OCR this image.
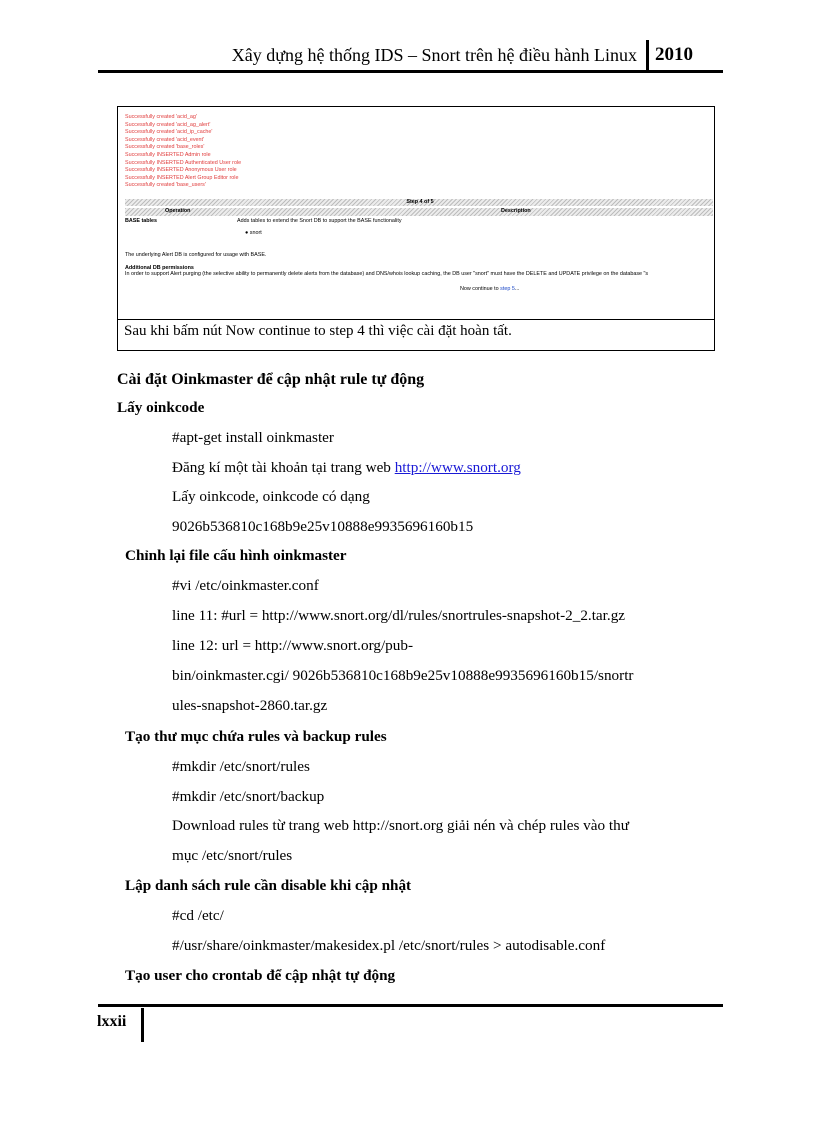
Xây dựng hệ thống IDS – Snort trên hệ điều hành Linux 2010
Successfully created 'acid_ag'
Successfully created 'acid_ag_alert'
Successfully created 'acid_ip_cache'
Successfully created 'acid_event'
Successfully created 'base_roles'
Successfully INSERTED Admin role
Successfully INSERTED Authenticated User role
Successfully INSERTED Anonymous User role
Successfully INSERTED Alert Group Editor role
Successfully created 'base_users'
Step 4 of 5
Operation	Description
BASE tables	Adds tables to extend the Snort DB to support the BASE functionality
● snort
The underlying Alert DB is configured for usage with BASE.
Additional DB permissions
In order to support Alert purging (the selective ability to permanently delete alerts from the database) and DNS/whois lookup caching, the DB user "snort" must have the DELETE and UPDATE privilege on the database "s
Now continue to step 5...
Sau khi bấm nút Now continue to step 4 thì việc cài đặt hoàn tất.
Cài đặt Oinkmaster để cập nhật rule tự động
Lấy oinkcode
#apt-get install oinkmaster
Đăng kí một tài khoản tại trang web http://www.snort.org
Lấy oinkcode, oinkcode có dạng
9026b536810c168b9e25v10888e9935696160b15
Chỉnh lại file cấu hình oinkmaster
#vi /etc/oinkmaster.conf
line 11: #url = http://www.snort.org/dl/rules/snortrules-snapshot-2_2.tar.gz
line 12: url = http://www.snort.org/pub-
bin/oinkmaster.cgi/ 9026b536810c168b9e25v10888e9935696160b15/snortr
ules-snapshot-2860.tar.gz
Tạo thư mục chứa rules và backup rules
#mkdir /etc/snort/rules
#mkdir /etc/snort/backup
Download rules từ trang web http://snort.org giải nén và chép rules vào thư
mục /etc/snort/rules
Lập danh sách rule cần disable khi cập nhật
#cd /etc/
#/usr/share/oinkmaster/makesidex.pl /etc/snort/rules > autodisable.conf
Tạo user cho crontab để cập nhật tự động
lxxii
